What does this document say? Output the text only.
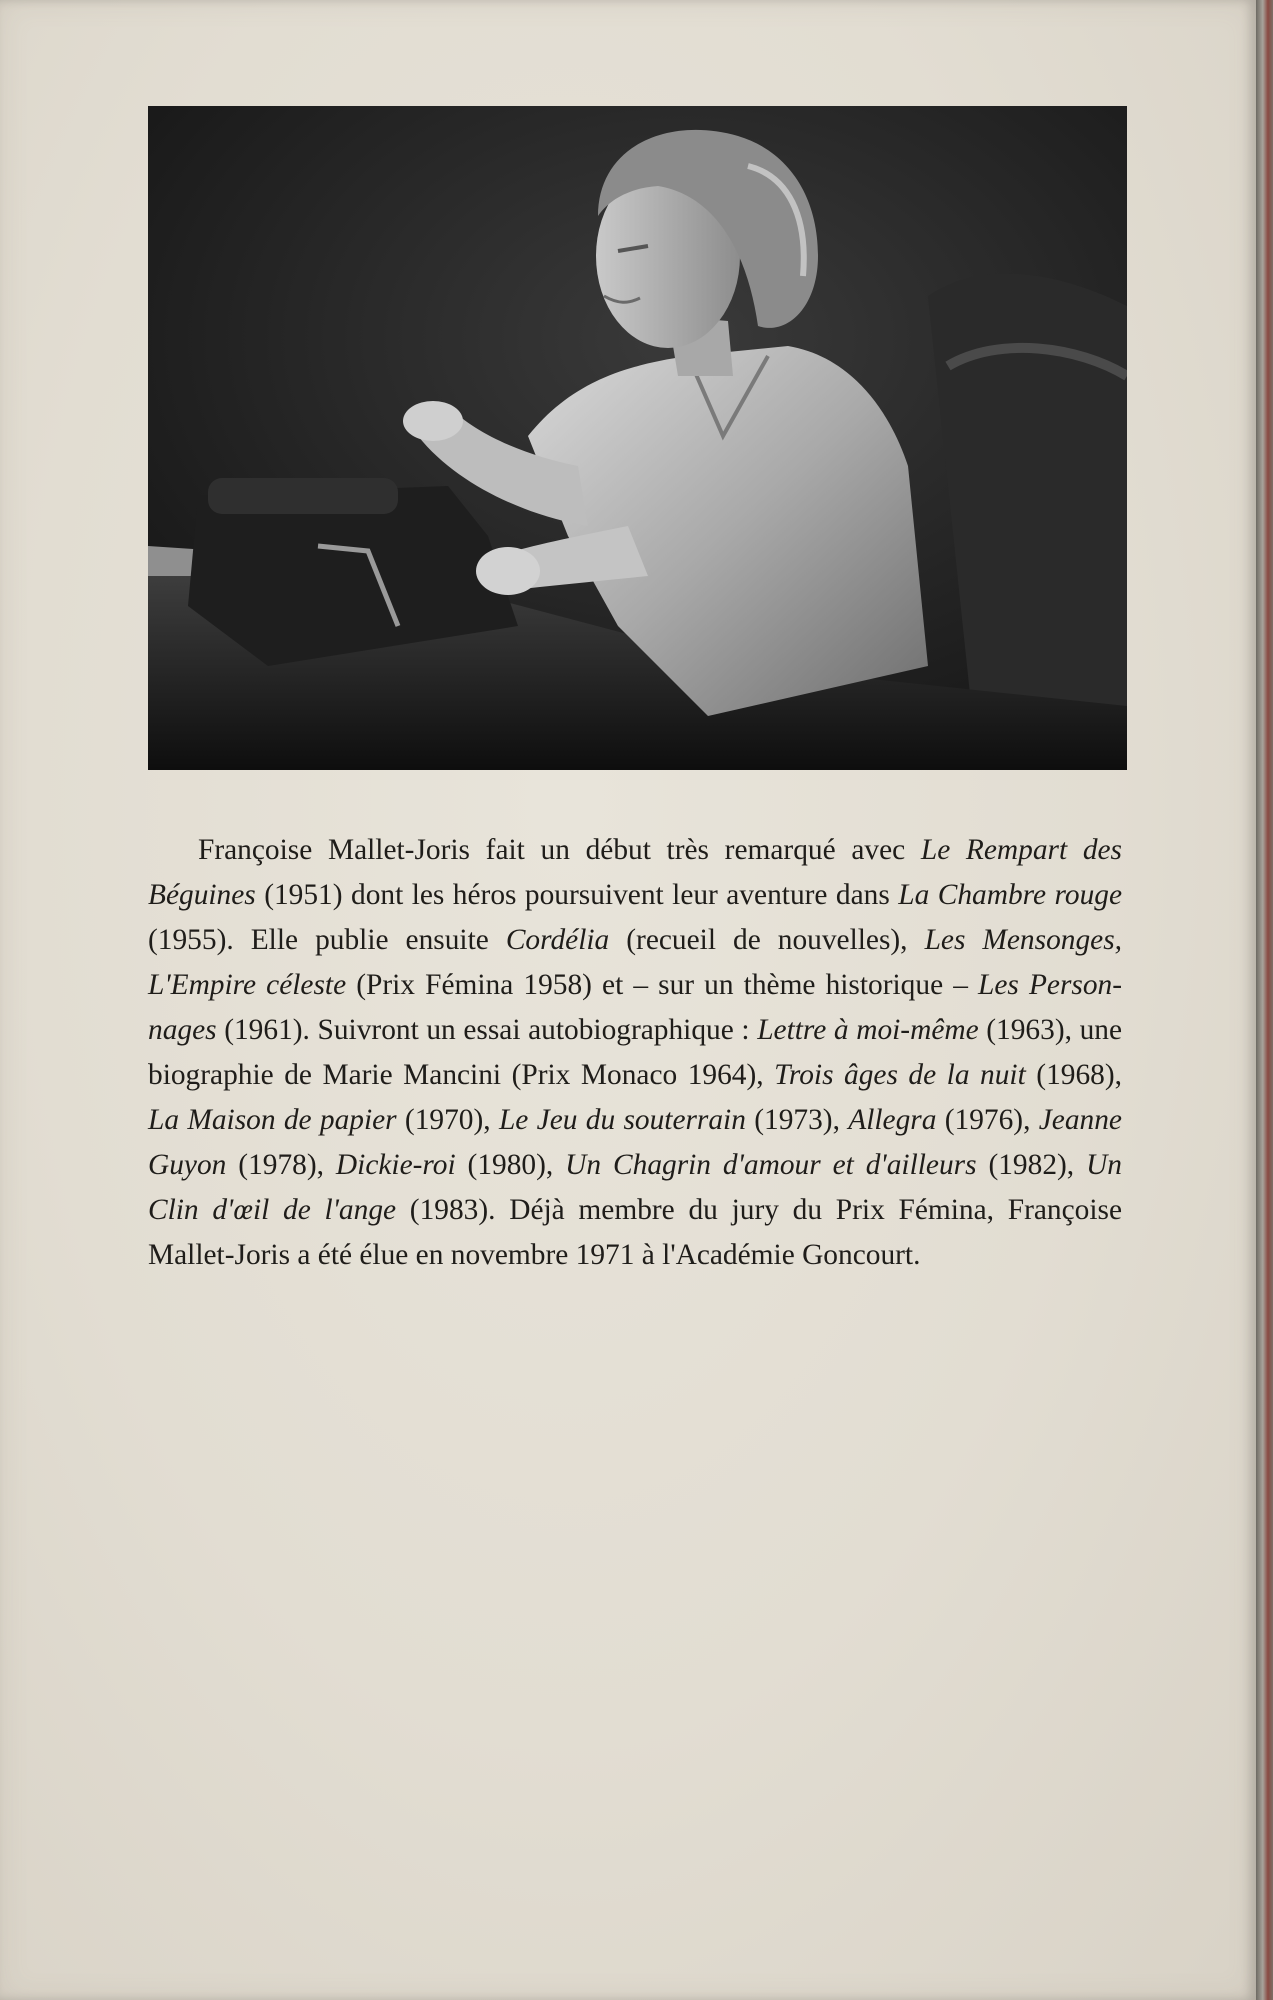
Françoise Mallet-Joris fait un début très remarqué avec Le Rempart des Béguines (1951) dont les héros poursuivent leur aventure dans La Chambre rouge (1955). Elle publie ensuite Cordélia (recueil de nouvelles), Les Mensonges, L'Empire céleste (Prix Fémina 1958) et – sur un thème historique – Les Person-nages (1961). Suivront un essai autobiographique : Lettre à moi-même (1963), une biographie de Marie Mancini (Prix Monaco 1964), Trois âges de la nuit (1968), La Maison de papier (1970), Le Jeu du souterrain (1973), Allegra (1976), Jeanne Guyon (1978), Dickie-roi (1980), Un Chagrin d'amour et d'ailleurs (1982), Un Clin d'œil de l'ange (1983). Déjà membre du jury du Prix Fémina, Françoise Mallet-Joris a été élue en novembre 1971 à l'Académie Goncourt.
